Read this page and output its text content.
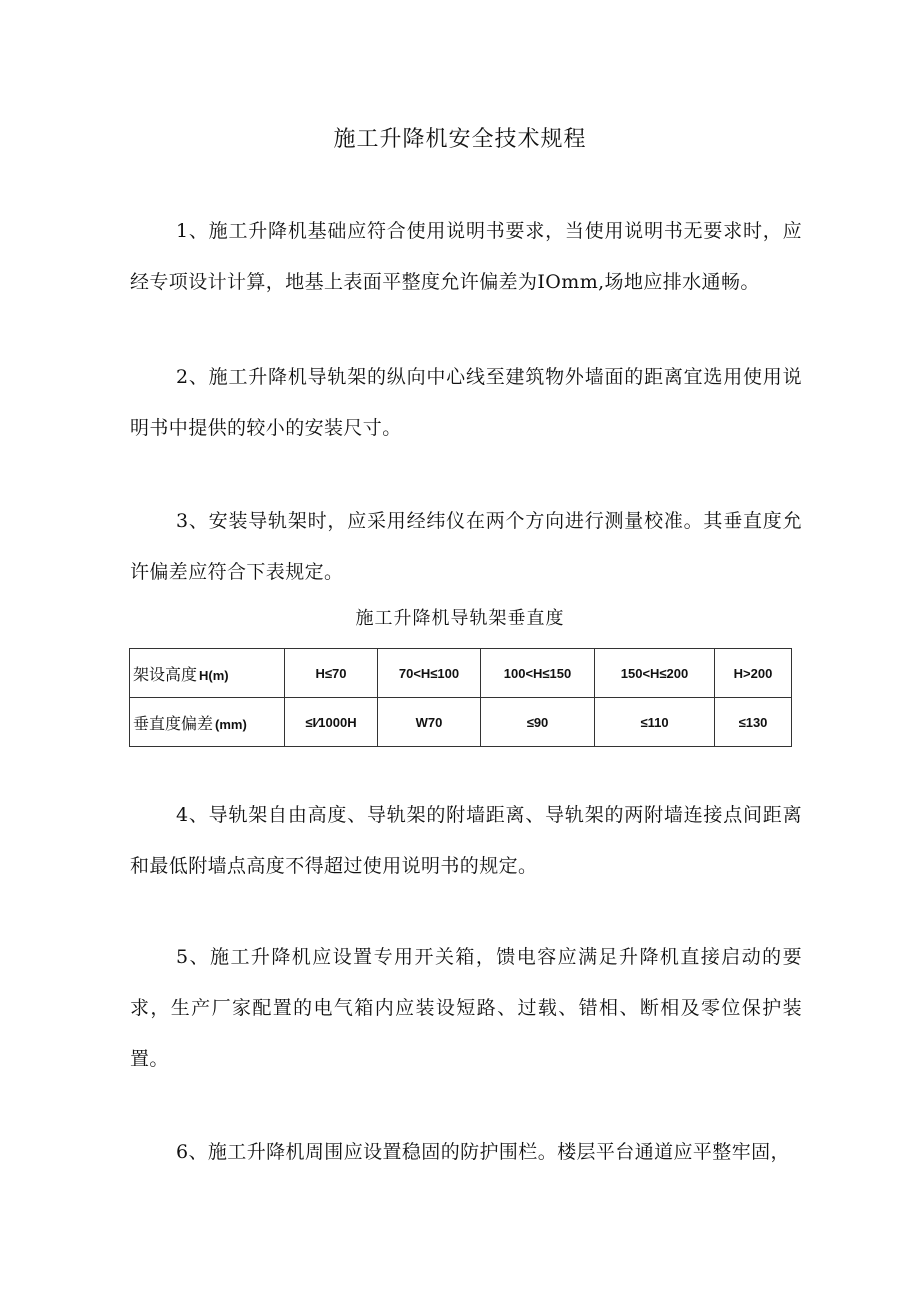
施工升降机安全技术规程

1、施工升降机基础应符合使用说明书要求，当使用说明书无要求时，应经专项设计计算，地基上表面平整度允许偏差为IOmm,场地应排水通畅。

2、施工升降机导轨架的纵向中心线至建筑物外墙面的距离宜选用使用说明书中提供的较小的安装尺寸。

3、安装导轨架时，应采用经纬仪在两个方向进行测量校准。其垂直度允许偏差应符合下表规定。

施工升降机导轨架垂直度
架设高度 H(m)	H≤70	70<H≤100	100<H≤150	150<H≤200	H>200
垂直度偏差 (mm)	≤I⁄1000H	W70	≤90	≤110	≤130

4、导轨架自由高度、导轨架的附墙距离、导轨架的两附墙连接点间距离和最低附墙点高度不得超过使用说明书的规定。

5、施工升降机应设置专用开关箱，馈电容应满足升降机直接启动的要求，生产厂家配置的电气箱内应装设短路、过载、错相、断相及零位保护装置。

6、施工升降机周围应设置稳固的防护围栏。楼层平台通道应平整牢固，
